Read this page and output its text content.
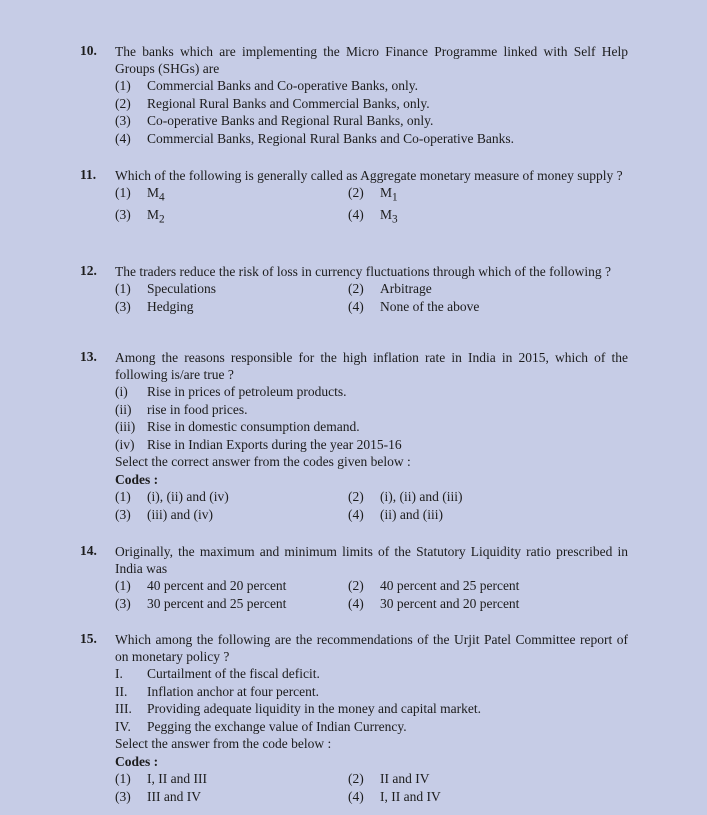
10. The banks which are implementing the Micro Finance Programme linked with Self Help Groups (SHGs) are
(1)	Commercial Banks and Co-operative Banks, only.
(2)	Regional Rural Banks and Commercial Banks, only.
(3)	Co-operative Banks and Regional Rural Banks, only.
(4)	Commercial Banks, Regional Rural Banks and Co-operative Banks.
11. Which of the following is generally called as Aggregate monetary measure of money supply ?
(1)	$M_4$	(2)	$M_1$
(3)	$M_2$	(4)	$M_3$
12. The traders reduce the risk of loss in currency fluctuations through which of the following ?
(1)	Speculations	(2)	Arbitrage
(3)	Hedging	(4)	None of the above
13. Among the reasons responsible for the high inflation rate in India in 2015, which of the following is/are true ?
(i)	Rise in prices of petroleum products.
(ii)	rise in food prices.
(iii) Rise in domestic consumption demand.
(iv) Rise in Indian Exports during the year 2015-16
Select the correct answer from the codes given below :
Codes :
(1)	(i), (ii) and (iv)	(2)	(i), (ii) and (iii)
(3)	(iii) and (iv)	(4)	(ii) and (iii)
14. Originally, the maximum and minimum limits of the Statutory Liquidity ratio prescribed in India was
(1)	40 percent and 20 percent	(2)	40 percent and 25 percent
(3)	30 percent and 25 percent	(4)	30 percent and 20 percent
15. Which among the following are the recommendations of the Urjit Patel Committee report of on monetary policy ?
I.	Curtailment of the fiscal deficit.
II.	Inflation anchor at four percent.
III.	Providing adequate liquidity in the money and capital market.
IV.	Pegging the exchange value of Indian Currency.
Select the answer from the code below :
Codes :
(1)	I, II and III	(2)	II and IV
(3)	III and IV	(4)	I, II and IV
